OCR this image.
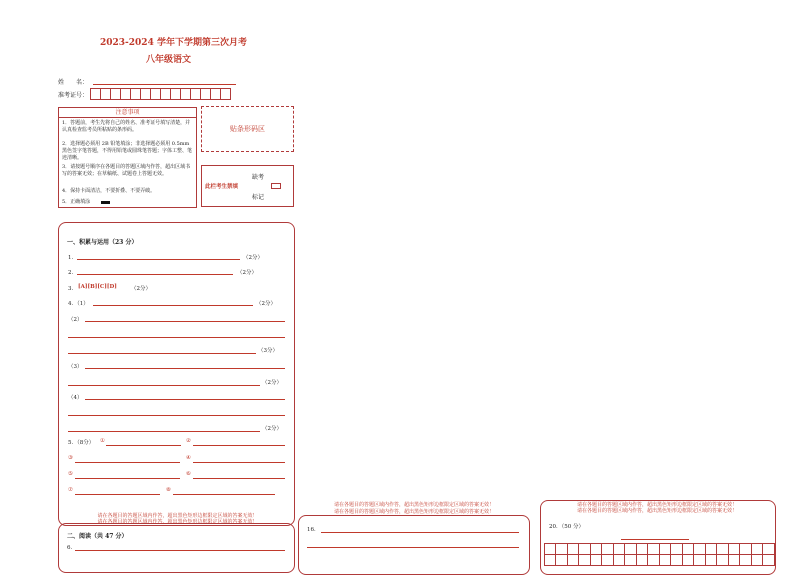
2023-2024 学年下学期第三次月考
八年级语文
姓　　名：
准考证号：
注意事项
1．答题前，考生先将自己的姓名、准考证号填写清楚，并认真检查监考员所粘贴的条形码。
2．选择题必须用 2B 铅笔填涂；非选择题必须用 0.5mm 黑色签字笔答题，不得用铅笔或圆珠笔答题；字体工整、笔迹清晰。
3．请按题号顺序在各题目的答题区域内作答，超出区域书写的答案无效；在草稿纸、试题卷上答题无效。
4．保持卡面清洁，不要折叠、不要弄破。
5．正确填涂
贴条形码区
此栏考生禁填
缺考
标记
一、积累与运用（23 分）
1．	（2分）
2．	（2分）
3． [A][B][C][D]	（2分）
4．（1）	（2分）
（2）
（3分）
（3）
（2分）
（4）
（2分）
5．（8分） ①	②
③	④
⑤	⑥
⑦	⑧
请在各题目的答题区域内作答，超出黑色矩形边框限定区域的答案无效！
请在各题目的答题区域内作答，超出黑色矩形边框限定区域的答案无效！
二、阅读（共 47 分）
6．
请在各题目的答题区域内作答，超出黑色矩形边框限定区域的答案无效！
请在各题目的答题区域内作答，超出黑色矩形边框限定区域的答案无效！
16．
请在各题目的答题区域内作答，超出黑色矩形边框限定区域的答案无效！
请在各题目的答题区域内作答，超出黑色矩形边框限定区域的答案无效！
20．（50 分）
